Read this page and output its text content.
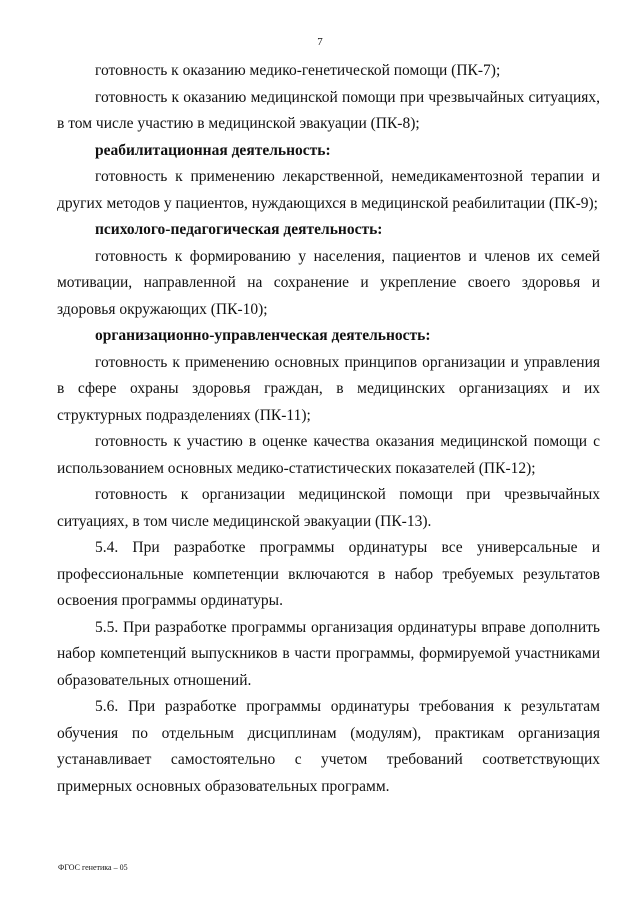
7

готовность к оказанию медико-генетической помощи (ПК-7);

готовность к оказанию медицинской помощи при чрезвычайных ситуациях, в том числе участию в медицинской эвакуации (ПК-8);

реабилитационная деятельность:

готовность к применению лекарственной, немедикаментозной терапии и других методов у пациентов, нуждающихся в медицинской реабилитации (ПК-9);

психолого-педагогическая деятельность:

готовность к формированию у населения, пациентов и членов их семей мотивации, направленной на сохранение и укрепление своего здоровья и здоровья окружающих (ПК-10);

организационно-управленческая деятельность:

готовность к применению основных принципов организации и управления в сфере охраны здоровья граждан, в медицинских организациях и их структурных подразделениях (ПК-11);

готовность к участию в оценке качества оказания медицинской помощи с использованием основных медико-статистических показателей (ПК-12);

готовность к организации медицинской помощи при чрезвычайных ситуациях, в том числе медицинской эвакуации (ПК-13).

5.4. При разработке программы ординатуры все универсальные и профессиональные компетенции включаются в набор требуемых результатов освоения программы ординатуры.

5.5. При разработке программы организация ординатуры вправе дополнить набор компетенций выпускников в части программы, формируемой участниками образовательных отношений.

5.6. При разработке программы ординатуры требования к результатам обучения по отдельным дисциплинам (модулям), практикам организация устанавливает самостоятельно с учетом требований соответствующих примерных основных образовательных программ.

ФГОС генетика – 05
